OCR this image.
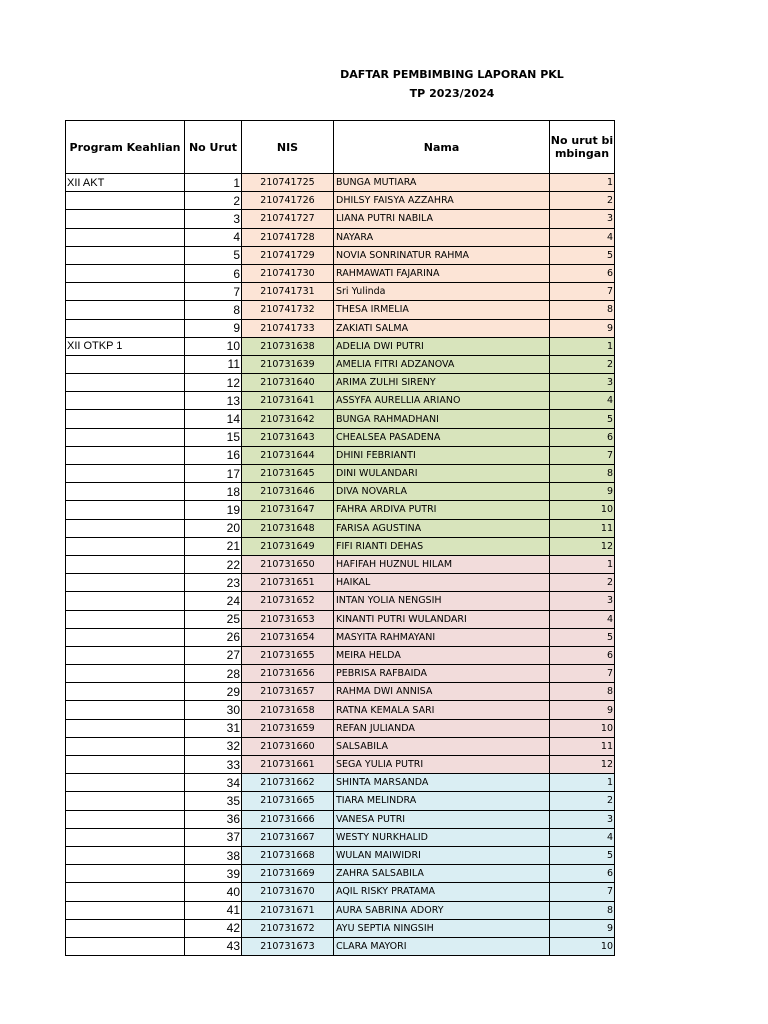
DAFTAR PEMBIMBING LAPORAN PKL
TP 2023/2024
Program Keahlian	No Urut	NIS	Nama	No urut bimbingan
XII AKT	1	210741725	BUNGA MUTIARA	1
	2	210741726	DHILSY FAISYA AZZAHRA	2
	3	210741727	LIANA PUTRI NABILA	3
	4	210741728	NAYARA	4
	5	210741729	NOVIA SONRINATUR RAHMA	5
	6	210741730	RAHMAWATI FAJARINA	6
	7	210741731	Sri Yulinda	7
	8	210741732	THESA IRMELIA	8
	9	210741733	ZAKIATI SALMA	9
XII OTKP 1	10	210731638	ADELIA DWI PUTRI	1
	11	210731639	AMELIA FITRI ADZANOVA	2
	12	210731640	ARIMA ZULHI SIRENY	3
	13	210731641	ASSYFA AURELLIA ARIANO	4
	14	210731642	BUNGA RAHMADHANI	5
	15	210731643	CHEALSEA PASADENA	6
	16	210731644	DHINI FEBRIANTI	7
	17	210731645	DINI WULANDARI	8
	18	210731646	DIVA NOVARLA	9
	19	210731647	FAHRA ARDIVA PUTRI	10
	20	210731648	FARISA AGUSTINA	11
	21	210731649	FIFI RIANTI DEHAS	12
	22	210731650	HAFIFAH HUZNUL HILAM	1
	23	210731651	HAIKAL	2
	24	210731652	INTAN YOLIA NENGSIH	3
	25	210731653	KINANTI PUTRI WULANDARI	4
	26	210731654	MASYITA RAHMAYANI	5
	27	210731655	MEIRA HELDA	6
	28	210731656	PEBRISA RAFBAIDA	7
	29	210731657	RAHMA DWI ANNISA	8
	30	210731658	RATNA KEMALA SARI	9
	31	210731659	REFAN JULIANDA	10
	32	210731660	SALSABILA	11
	33	210731661	SEGA YULIA PUTRI	12
	34	210731662	SHINTA MARSANDA	1
	35	210731665	TIARA MELINDRA	2
	36	210731666	VANESA PUTRI	3
	37	210731667	WESTY NURKHALID	4
	38	210731668	WULAN MAIWIDRI	5
	39	210731669	ZAHRA SALSABILA	6
	40	210731670	AQIL RISKY PRATAMA	7
	41	210731671	AURA SABRINA ADORY	8
	42	210731672	AYU SEPTIA NINGSIH	9
	43	210731673	CLARA MAYORI	10
